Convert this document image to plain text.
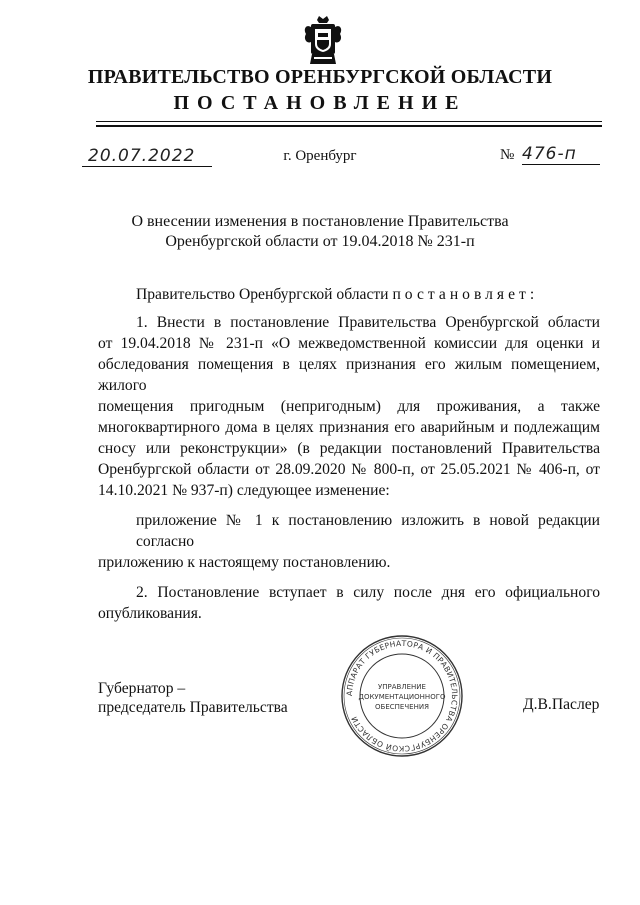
ПРАВИТЕЛЬСТВО ОРЕНБУРГСКОЙ ОБЛАСТИ
ПОСТАНОВЛЕНИЕ
20.07.2022	г. Оренбург	№ 476-п
О внесении изменения в постановление Правительства
Оренбургской области от 19.04.2018 № 231-п

Правительство Оренбургской области постановляет:

1. Внести в постановление Правительства Оренбургской области

от 19.04.2018 № 231-п «О межведомственной комиссии для оценки и

обследования помещения в целях признания его жилым помещением, жилого

помещения пригодным (непригодным) для проживания, а также

многоквартирного дома в целях признания его аварийным и подлежащим

сносу или реконструкции» (в редакции постановлений Правительства

Оренбургской области от 28.09.2020 № 800-п, от 25.05.2021 № 406-п, от

14.10.2021 № 937-п) следующее изменение:

приложение № 1 к постановлению изложить в новой редакции согласно

приложению к настоящему постановлению.

2. Постановление вступает в силу после дня его официального

опубликования.

Губернатор –
председатель Правительства	Д.В.Паслер
АППАРАТ ГУБЕРНАТОРА И ПРАВИТЕЛЬСТВА ОРЕНБУРГСКОЙ ОБЛАСТИ
УПРАВЛЕНИЕ
ДОКУМЕНТАЦИОННОГО
ОБЕСПЕЧЕНИЯ
